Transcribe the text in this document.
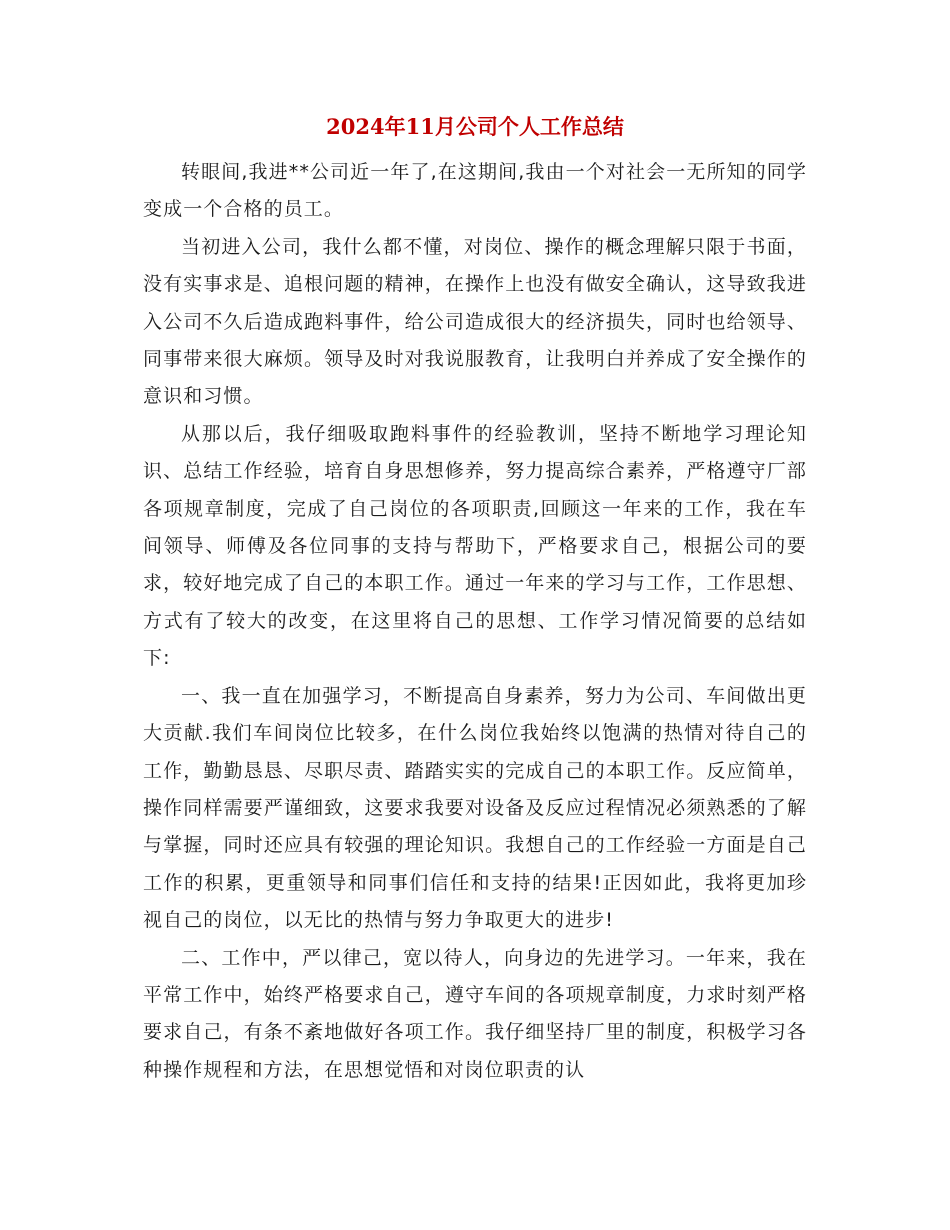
2024年11月公司个人工作总结

转眼间,我进**公司近一年了,在这期间,我由一个对社会一无所知的同学变成一个合格的员工。

当初进入公司，我什么都不懂，对岗位、操作的概念理解只限于书面，没有实事求是、追根问题的精神，在操作上也没有做安全确认，这导致我进入公司不久后造成跑料事件，给公司造成很大的经济损失，同时也给领导、同事带来很大麻烦。领导及时对我说服教育，让我明白并养成了安全操作的意识和习惯。

从那以后，我仔细吸取跑料事件的经验教训，坚持不断地学习理论知识、总结工作经验，培育自身思想修养，努力提高综合素养，严格遵守厂部各项规章制度，完成了自己岗位的各项职责,回顾这一年来的工作，我在车间领导、师傅及各位同事的支持与帮助下，严格要求自己，根据公司的要求，较好地完成了自己的本职工作。通过一年来的学习与工作，工作思想、方式有了较大的改变，在这里将自己的思想、工作学习情况简要的总结如下:

一、我一直在加强学习，不断提高自身素养，努力为公司、车间做出更大贡献.我们车间岗位比较多，在什么岗位我始终以饱满的热情对待自己的工作，勤勤恳恳、尽职尽责、踏踏实实的完成自己的本职工作。反应简单，操作同样需要严谨细致，这要求我要对设备及反应过程情况必须熟悉的了解与掌握，同时还应具有较强的理论知识。我想自己的工作经验一方面是自己工作的积累，更重领导和同事们信任和支持的结果!正因如此，我将更加珍视自己的岗位，以无比的热情与努力争取更大的进步!

二、工作中，严以律己，宽以待人，向身边的先进学习。一年来，我在平常工作中，始终严格要求自己，遵守车间的各项规章制度，力求时刻严格要求自己，有条不紊地做好各项工作。我仔细坚持厂里的制度，积极学习各种操作规程和方法，在思想觉悟和对岗位职责的认
